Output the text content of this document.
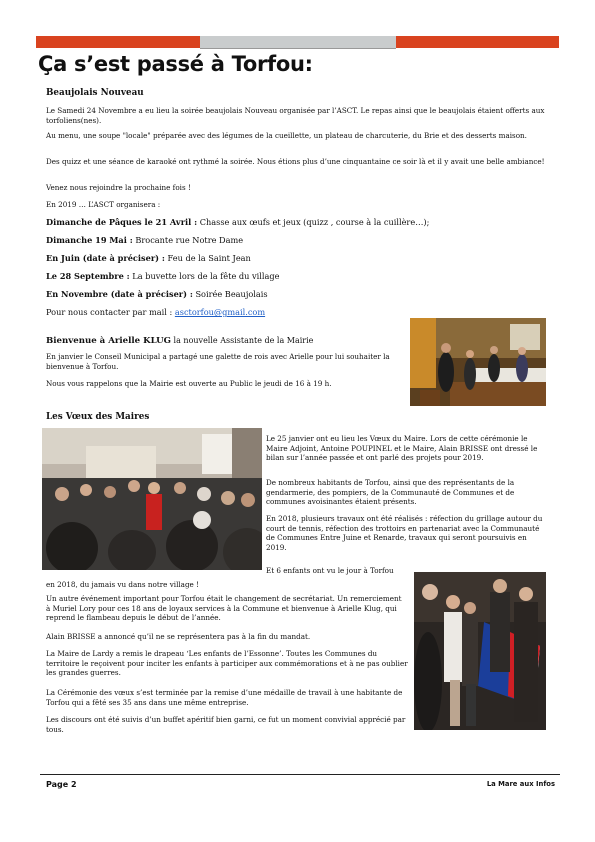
Ça s’est passé à Torfou:
Beaujolais Nouveau

Le Samedi 24 Novembre a eu lieu la soirée beaujolais Nouveau organisée par l’ASCT. Le repas ainsi que le beaujolais étaient offerts aux torfoliens(nes).

Au menu, une soupe "locale" préparée avec des légumes de la cueillette, un plateau de charcuterie, du Brie et des desserts maison.

Des quizz et une séance de karaoké ont rythmé la soirée. Nous étions plus d’une cinquantaine ce soir là et il y avait une belle ambiance!

Venez nous rejoindre la prochaine fois !

En 2019 … L’ASCT organisera :

Dimanche de Pâques le 21 Avril : Chasse aux œufs et jeux (quizz , course à la cuillère…);
Dimanche 19 Mai : Brocante rue Notre Dame
En Juin (date à préciser) : Feu de la Saint Jean
Le 28 Septembre : La buvette lors de la fête du village
En Novembre (date à préciser) : Soirée Beaujolais
Pour nous contacter par mail : asctorfou@gmail.com
Bienvenue à Arielle KLUG la nouvelle Assistante de la Mairie

En janvier le Conseil Municipal a partagé une galette de rois avec Arielle pour lui souhaiter la bienvenue à Torfou.

Nous vous rappelons que la Mairie est ouverte au Public le jeudi de 16 à 19 h.

Les Vœux des Maires

Le 25 janvier ont eu lieu les Vœux du Maire. Lors de cette cérémonie le Maire Adjoint, Antoine POUPINEL et le Maire, Alain BRISSE ont dressé le bilan sur l’année passée et ont parlé des projets pour 2019.

De nombreux habitants de Torfou, ainsi que des représentants de la gendarmerie, des pompiers, de la Communauté de Communes et de communes avoisinantes étaient présents.

En 2018, plusieurs travaux ont été réalisés : réfection du grillage autour du court de tennis, réfection des trottoirs en partenariat avec la Communauté de Communes Entre Juine et Renarde, travaux qui seront poursuivis en 2019.

Et 6 enfants ont vu le jour à Torfou

en 2018, du jamais vu dans notre village !

Un autre événement important pour Torfou était le changement de secrétariat. Un remerciement à Muriel Lory pour ces 18 ans de loyaux services à la Commune et bienvenue à Arielle Klug, qui reprend le flambeau depuis le début de l’année.

Alain BRISSE a annoncé qu’il ne se représentera pas à la fin du mandat.

La Maire de Lardy a remis le drapeau ‘Les enfants de l’Essonne’. Toutes les Communes du territoire le reçoivent pour inciter les enfants à participer aux commémorations et à ne pas oublier les grandes guerres.

La Cérémonie des vœux s’est terminée par la remise d’une médaille de travail à une habitante de Torfou qui a fêté ses 35 ans dans une même entreprise.

Les discours ont été suivis d’un buffet apéritif bien garni, ce fut un moment convivial apprécié par tous.

Page 2	La Mare aux Infos
